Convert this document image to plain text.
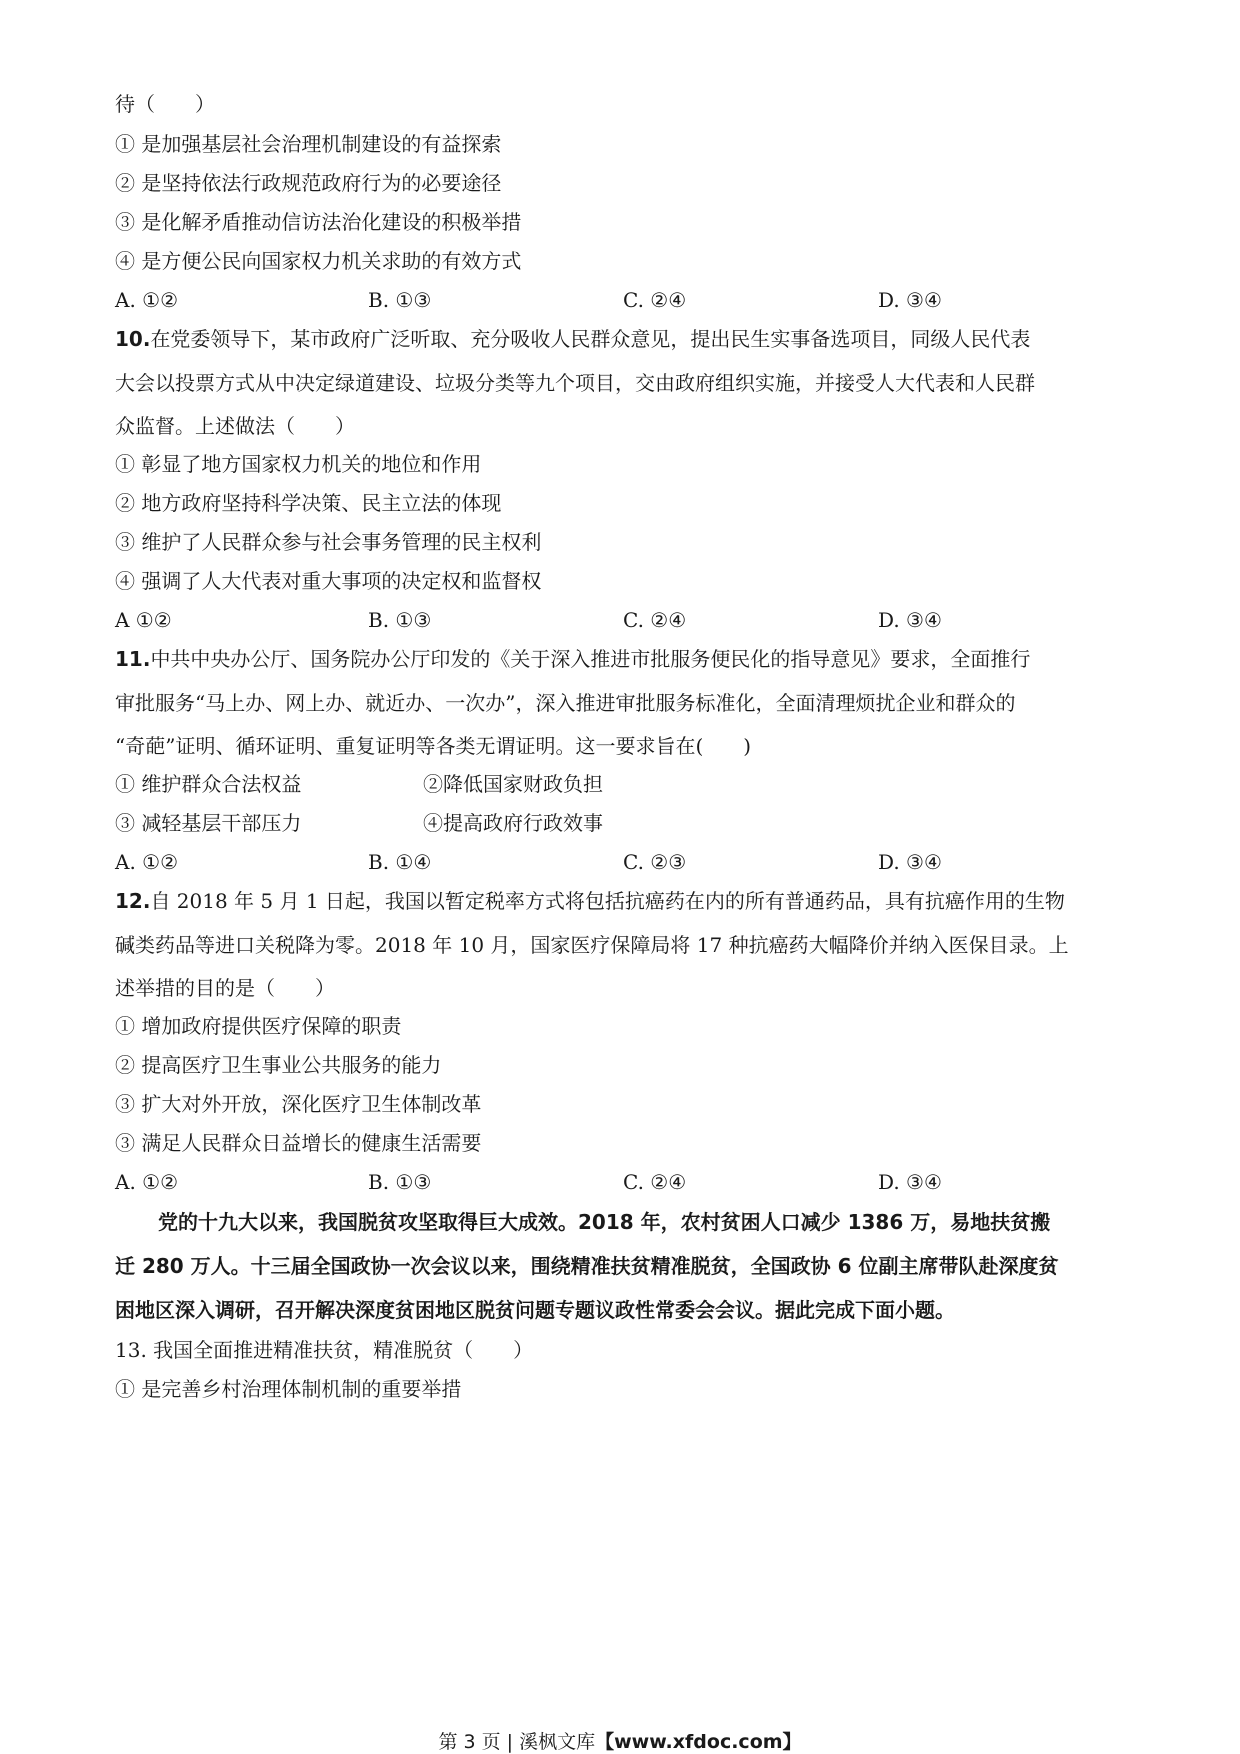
待（　　）
① 是加强基层社会治理机制建设的有益探索
② 是坚持依法行政规范政府行为的必要途径
③ 是化解矛盾推动信访法治化建设的积极举措
④ 是方便公民向国家权力机关求助的有效方式
A. ①②	B. ①③	C. ②④	D. ③④
10.在党委领导下，某市政府广泛听取、充分吸收人民群众意见，提出民生实事备选项目，同级人民代表
大会以投票方式从中决定绿道建设、垃圾分类等九个项目，交由政府组织实施，并接受人大代表和人民群
众监督。上述做法（　　）
① 彰显了地方国家权力机关的地位和作用
② 地方政府坚持科学决策、民主立法的体现
③ 维护了人民群众参与社会事务管理的民主权利
④ 强调了人大代表对重大事项的决定权和监督权
A ①②	B. ①③	C. ②④	D. ③④
11.中共中央办公厅、国务院办公厅印发的《关于深入推进市批服务便民化的指导意见》要求，全面推行
审批服务“马上办、网上办、就近办、一次办”，深入推进审批服务标准化，全面清理烦扰企业和群众的
“奇葩”证明、循环证明、重复证明等各类无谓证明。这一要求旨在(　　)
① 维护群众合法权益	②降低国家财政负担
③ 减轻基层干部压力	④提高政府行政效事
A. ①②	B. ①④	C. ②③	D. ③④
12.自 2018 年 5 月 1 日起，我国以暂定税率方式将包括抗癌药在内的所有普通药品，具有抗癌作用的生物
碱类药品等进口关税降为零。2018 年 10 月，国家医疗保障局将 17 种抗癌药大幅降价并纳入医保目录。上
述举措的目的是（　　）
① 增加政府提供医疗保障的职责
② 提高医疗卫生事业公共服务的能力
③ 扩大对外开放，深化医疗卫生体制改革
③ 满足人民群众日益增长的健康生活需要
A. ①②	B. ①③	C. ②④	D. ③④
党的十九大以来，我国脱贫攻坚取得巨大成效。2018 年，农村贫困人口减少 1386 万，易地扶贫搬
迁 280 万人。十三届全国政协一次会议以来，围绕精准扶贫精准脱贫，全国政协 6 位副主席带队赴深度贫
困地区深入调研，召开解决深度贫困地区脱贫问题专题议政性常委会会议。据此完成下面小题。
13. 我国全面推进精准扶贫，精准脱贫（　　）
① 是完善乡村治理体制机制的重要举措
第 3 页 | 溪枫文库【www.xfdoc.com】
